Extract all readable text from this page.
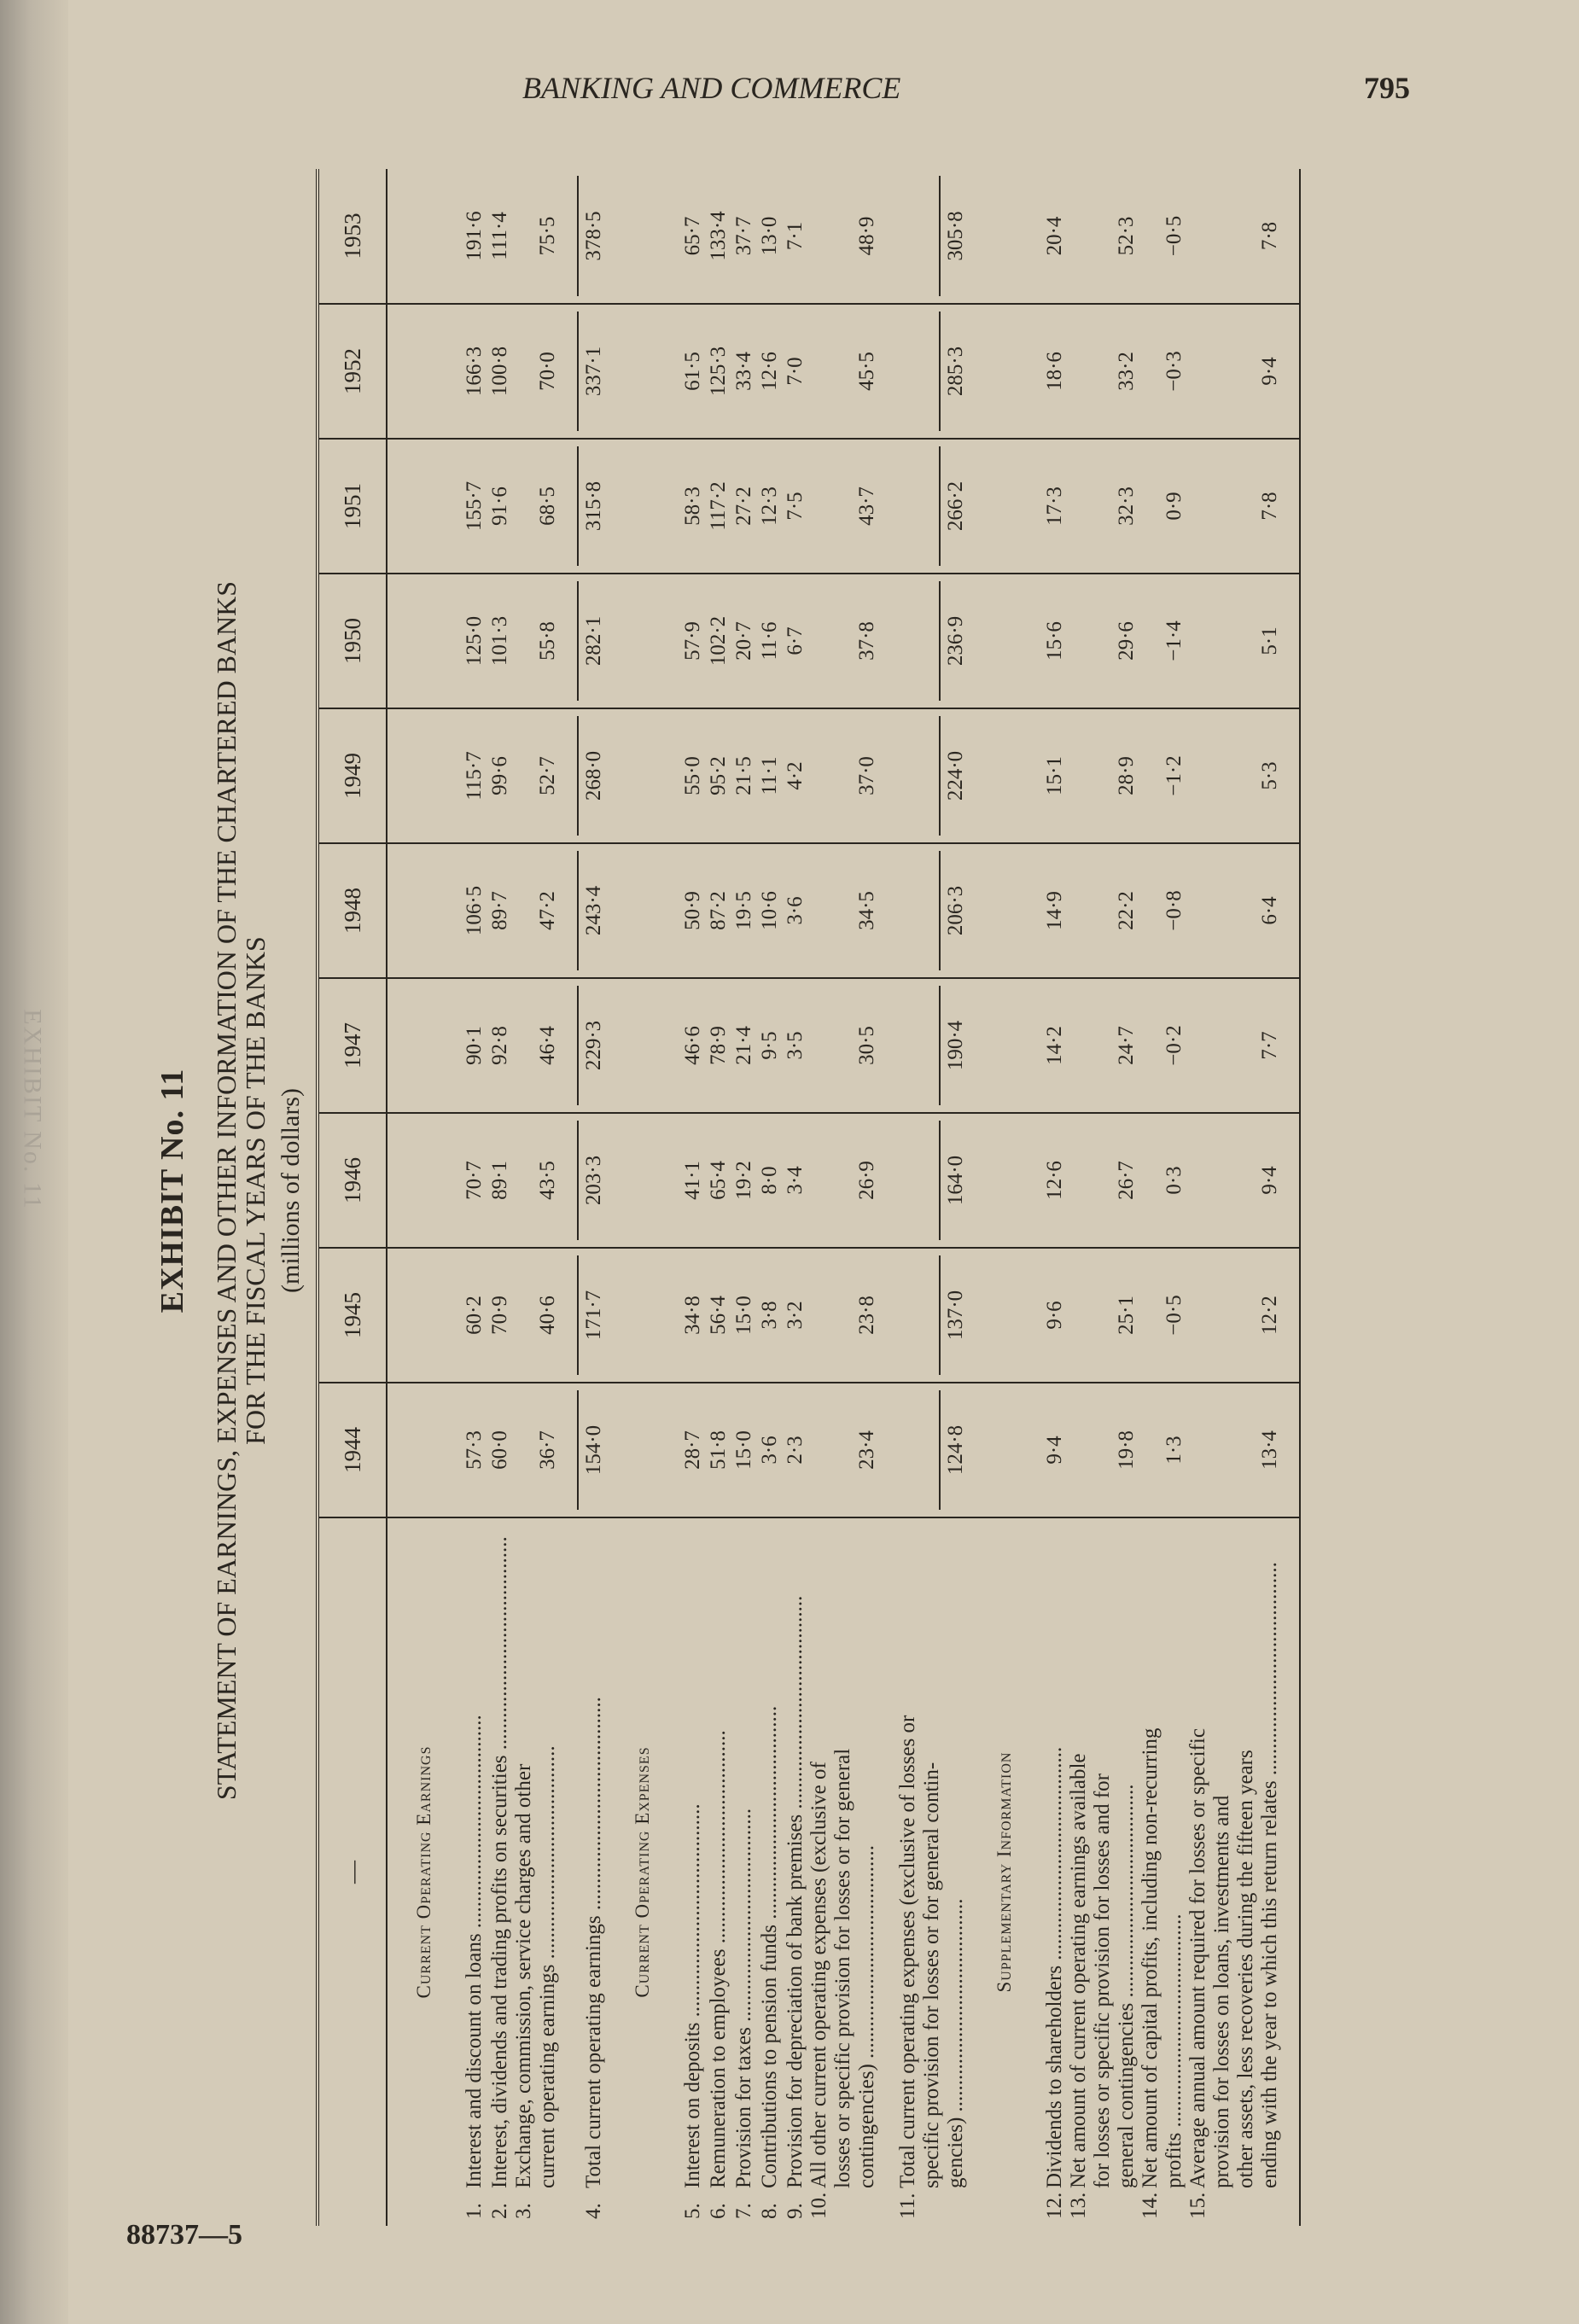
EXHIBIT No. 11
BANKING AND COMMERCE	795
88737—5
EXHIBIT No. 11 STATEMENT OF EARNINGS, EXPENSES AND OTHER INFORMATION OF THE CHARTERED BANKS
FOR THE FISCAL YEARS OF THE BANKS (millions of dollars)
—	1944	1945	1946	1947	1948	1949	1950	1951	1952	1953
Current Operating Earnings										

1.
Interest and discount on loans .....	57·3	60·2	70·7	90·1	106·5	115·7	125·0	155·7	166·3	191·6

2.
Interest, dividends and trading profits on securities .....	60·0	70·9	89·1	92·8	89·7	99·6	101·3	91·6	100·8	111·4

3.
Exchange, commission, service charges and other current operating earnings .....	36·7	40·6	43·5	46·4	47·2	52·7	55·8	68·5	70·0	75·5

4.
Total current operating earnings .....	154·0	171·7	203·3	229·3	243·4	268·0	282·1	315·8	337·1	378·5

Current Operating Expenses										

5.
Interest on deposits .....	28·7	34·8	41·1	46·6	50·9	55·0	57·9	58·3	61·5	65·7

6.
Remuneration to employees .....	51·8	56·4	65·4	78·9	87·2	95·2	102·2	117·2	125·3	133·4

7.
Provision for taxes .....	15·0	15·0	19·2	21·4	19·5	21·5	20·7	27·2	33·4	37·7

8.
Contributions to pension funds .....	3·6	3·8	8·0	9·5	10·6	11·1	11·6	12·3	12·6	13·0

9.
Provision for depreciation of bank premises .....	2·3	3·2	3·4	3·5	3·6	4·2	6·7	7·5	7·0	7·1

10.
All other current operating expenses (exclusive of losses or specific provision for losses or for general contingencies) .....	23·4	23·8	26·9	30·5	34·5	37·0	37·8	43·7	45·5	48·9

11.
Total current operating expenses (exclusive of losses or specific provision for losses or for general contin- gencies) .....	124·8	137·0	164·0	190·4	206·3	224·0	236·9	266·2	285·3	305·8

Supplementary Information										

12.
Dividends to shareholders .....	9·4	9·6	12·6	14·2	14·9	15·1	15·6	17·3	18·6	20·4

13.
Net amount of current operating earnings available for losses or specific provision for losses and for general contingencies .....	19·8	25·1	26·7	24·7	22·2	28·9	29·6	32·3	33·2	52·3

14.
Net amount of capital profits, including non-recurring profits .....	1·3	−0·5	0·3	−0·2	−0·8	−1·2	−1·4	0·9	−0·3	−0·5

15.
Average annual amount required for losses or specific provision for losses on loans, investments and other assets, less recoveries during the fifteen years ending with the year to which this return relates .....	13·4	12·2	9·4	7·7	6·4	5·3	5·1	7·8	9·4	7·8
